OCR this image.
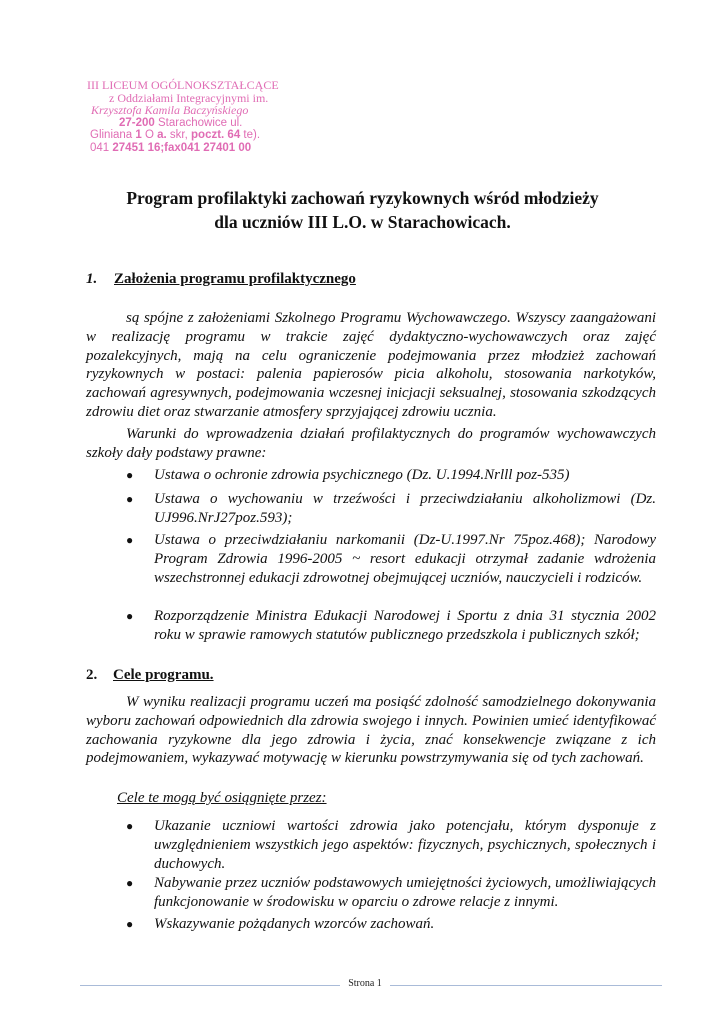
III LICEUM OGÓLNOKSZTAŁCĄCE
z Oddziałami Integracyjnymi im.
Krzysztofa Kamila Baczyńskiego
27-200 Starachowice ul.
Gliniana 1 O a. skr, poczt. 64 te).
041 27451 16;fax041 27401 00
Program profilaktyki zachowań ryzykownych wśród młodzieży
dla uczniów III L.O. w Starachowicach.
1. Założenia programu profilaktycznego
są spójne z założeniami Szkolnego Programu Wychowawczego. Wszyscy zaangażowani w realizację programu w trakcie zajęć dydaktyczno-wychowawczych oraz zajęć pozalekcyjnych, mają na celu ograniczenie podejmowania przez młodzież zachowań ryzykownych w postaci: palenia papierosów picia alkoholu, stosowania narkotyków, zachowań agresywnych, podejmowania wczesnej inicjacji seksualnej, stosowania szkodzących zdrowiu diet oraz stwarzanie atmosfery sprzyjającej zdrowiu ucznia.
Warunki do wprowadzenia działań profilaktycznych do programów wychowawczych szkoły dały podstawy prawne:
● Ustawa o ochronie zdrowia psychicznego (Dz. U.1994.Nrlll poz-535)
● Ustawa o wychowaniu w trzeźwości i przeciwdziałaniu alkoholizmowi (Dz. UJ996.NrJ27poz.593);
● Ustawa o przeciwdziałaniu narkomanii (Dz-U.1997.Nr 75poz.468); Narodowy Program Zdrowia 1996-2005 ~ resort edukacji otrzymał zadanie wdrożenia wszechstronnej edukacji zdrowotnej obejmującej uczniów, nauczycieli i rodziców.
● Rozporządzenie Ministra Edukacji Narodowej i Sportu z dnia 31 stycznia 2002 roku w sprawie ramowych statutów publicznego przedszkola i publicznych szkół;
2. Cele programu.
W wyniku realizacji programu uczeń ma posiąść zdolność samodzielnego dokonywania wyboru zachowań odpowiednich dla zdrowia swojego i innych. Powinien umieć identyfikować zachowania ryzykowne dla jego zdrowia i życia, znać konsekwencje związane z ich podejmowaniem, wykazywać motywację w kierunku powstrzymywania się od tych zachowań.
Cele te mogą być osiągnięte przez:
● Ukazanie uczniowi wartości zdrowia jako potencjału, którym dysponuje z uwzględnieniem wszystkich jego aspektów: fizycznych, psychicznych, społecznych i duchowych.
● Nabywanie przez uczniów podstawowych umiejętności życiowych, umożliwiających funkcjonowanie w środowisku w oparciu o zdrowe relacje z innymi.
● Wskazywanie pożądanych wzorców zachowań.
Strona 1
